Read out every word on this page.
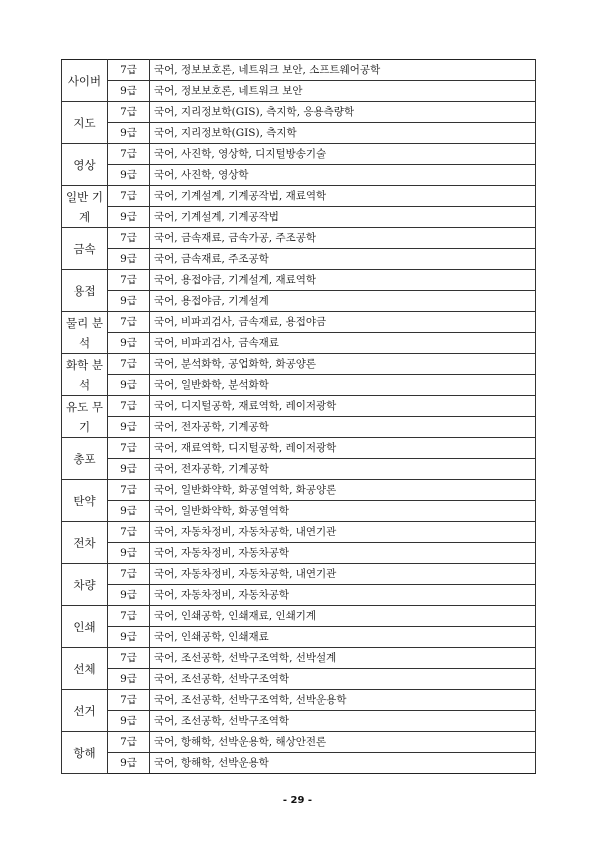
사이버	7급	국어, 정보보호론, 네트워크 보안, 소프트웨어공학
	9급	국어, 정보보호론, 네트워크 보안
지도	7급	국어, 지리정보학(GIS), 측지학, 응용측량학
	9급	국어, 지리정보학(GIS), 측지학
영상	7급	국어, 사진학, 영상학, 디지털방송기술
	9급	국어, 사진학, 영상학
일반 기계	7급	국어, 기계설계, 기계공작법, 재료역학
	9급	국어, 기계설계, 기계공작법
금속	7급	국어, 금속재료, 금속가공, 주조공학
	9급	국어, 금속재료, 주조공학
용접	7급	국어, 용접야금, 기계설계, 재료역학
	9급	국어, 용접야금, 기계설계
물리 분석	7급	국어, 비파괴검사, 금속재료, 용접야금
	9급	국어, 비파괴검사, 금속재료
화학 분석	7급	국어, 분석화학, 공업화학, 화공양론
	9급	국어, 일반화학, 분석화학
유도 무기	7급	국어, 디지털공학, 재료역학, 레이저광학
	9급	국어, 전자공학, 기계공학
총포	7급	국어, 재료역학, 디지털공학, 레이저광학
	9급	국어, 전자공학, 기계공학
탄약	7급	국어, 일반화약학, 화공열역학, 화공양론
	9급	국어, 일반화약학, 화공열역학
전차	7급	국어, 자동차정비, 자동차공학, 내연기관
	9급	국어, 자동차정비, 자동차공학
차량	7급	국어, 자동차정비, 자동차공학, 내연기관
	9급	국어, 자동차정비, 자동차공학
인쇄	7급	국어, 인쇄공학, 인쇄재료, 인쇄기계
	9급	국어, 인쇄공학, 인쇄재료
선체	7급	국어, 조선공학, 선박구조역학, 선박설계
	9급	국어, 조선공학, 선박구조역학
선거	7급	국어, 조선공학, 선박구조역학, 선박운용학
	9급	국어, 조선공학, 선박구조역학
항해	7급	국어, 항해학, 선박운용학, 해상안전론
	9급	국어, 항해학, 선박운용학
- 29 -
